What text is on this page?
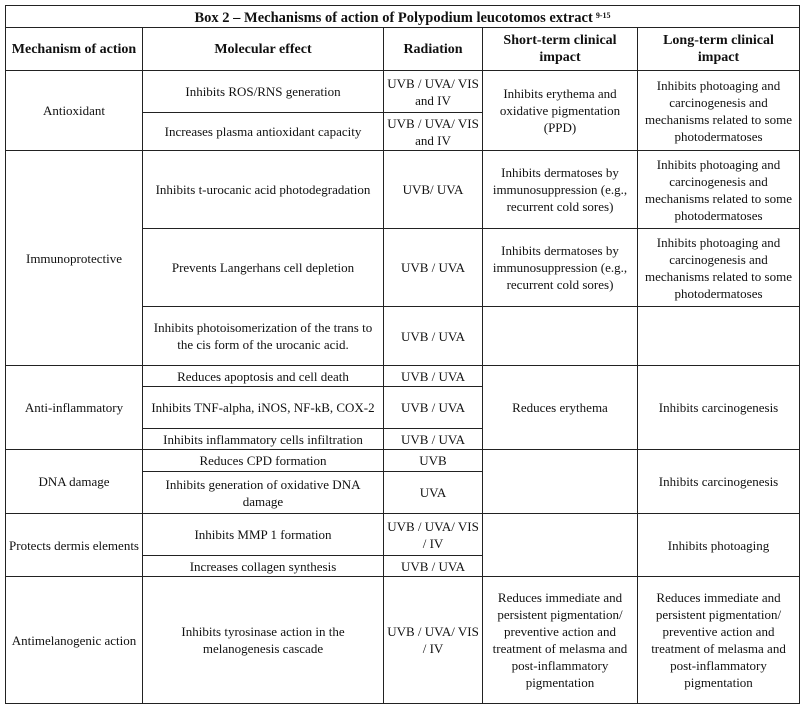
Box 2 – Mechanisms of action of Polypodium leucotomos extract $^{9-15}$
Mechanism of action	Molecular effect	Radiation	Short-term clinical impact	Long-term clinical impact
Antioxidant	Inhibits ROS/RNS generation	UVB / UVA/ VIS and IV	Inhibits erythema and oxidative pigmentation (PPD)	Inhibits photoaging and carcinogenesis and mechanisms related to some photodermatoses
	Increases plasma antioxidant capacity	UVB / UVA/ VIS and IV		
Immunoprotective	Inhibits t-urocanic acid photodegradation	UVB/ UVA	Inhibits dermatoses by immunosuppression (e.g., recurrent cold sores)	Inhibits photoaging and carcinogenesis and mechanisms related to some photodermatoses
	Prevents Langerhans cell depletion	UVB / UVA	Inhibits dermatoses by immunosuppression (e.g., recurrent cold sores)	Inhibits photoaging and carcinogenesis and mechanisms related to some photodermatoses
	Inhibits photoisomerization of the trans to the cis form of the urocanic acid.	UVB / UVA		
Anti-inflammatory	Reduces apoptosis and cell death	UVB / UVA	Reduces erythema	Inhibits carcinogenesis
	Inhibits TNF-alpha, iNOS, NF-kB, COX-2	UVB / UVA		
	Inhibits inflammatory cells infiltration	UVB / UVA		
DNA damage	Reduces CPD formation	UVB		Inhibits carcinogenesis
	Inhibits generation of oxidative DNA damage	UVA		
Protects dermis elements	Inhibits MMP 1 formation	UVB / UVA/ VIS / IV		Inhibits photoaging
	Increases collagen synthesis	UVB / UVA		
Antimelanogenic action	Inhibits tyrosinase action in the melanogenesis cascade	UVB / UVA/ VIS / IV	Reduces immediate and persistent pigmentation/ preventive action and treatment of melasma and post-inflammatory pigmentation	Reduces immediate and persistent pigmentation/ preventive action and treatment of melasma and post-inflammatory pigmentation
